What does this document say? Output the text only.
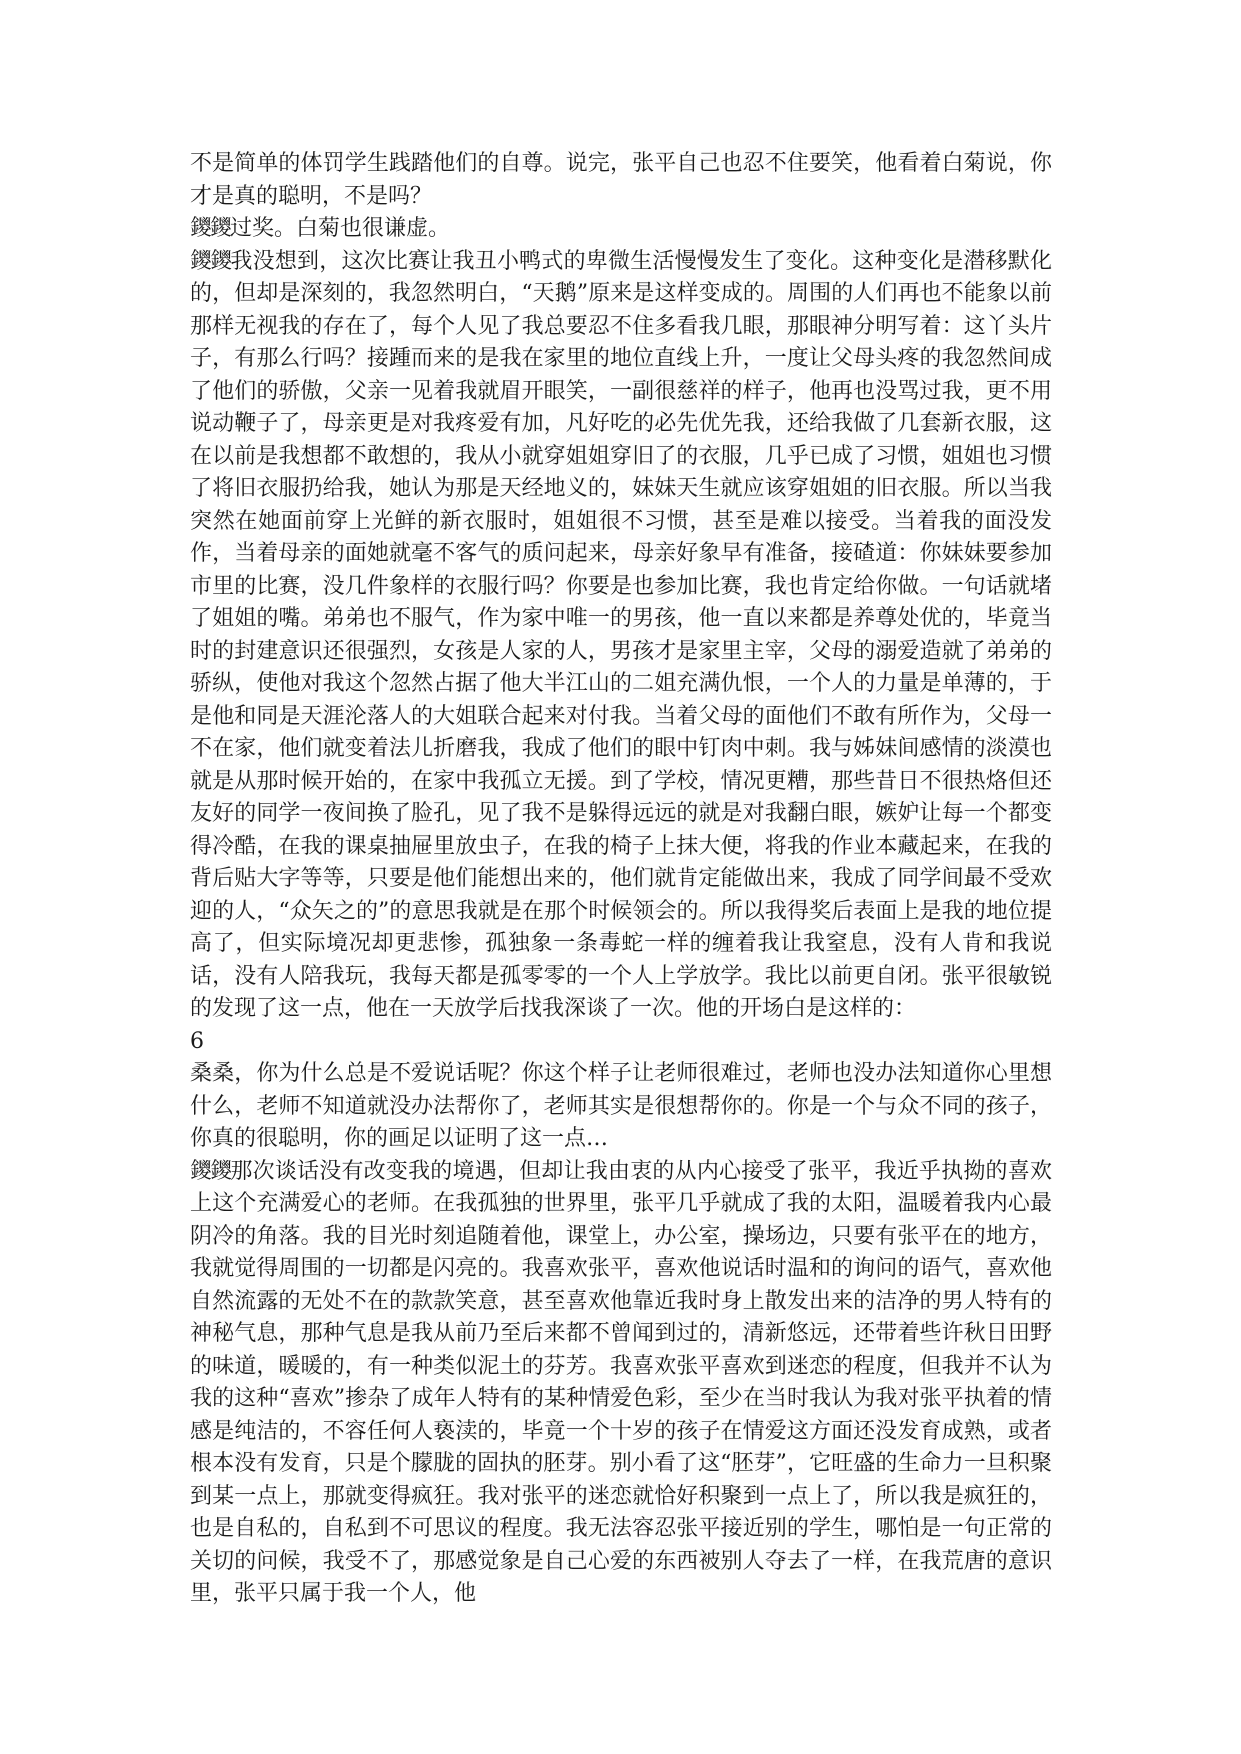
不是简单的体罚学生践踏他们的自尊。说完，张平自己也忍不住要笑，他看着白菊说，你才是真的聪明，不是吗？

鑁鑁过奖。白菊也很谦虚。

鑁鑁我没想到，这次比赛让我丑小鸭式的卑微生活慢慢发生了变化。这种变化是潜移默化的，但却是深刻的，我忽然明白，“天鹅”原来是这样变成的。周围的人们再也不能象以前那样无视我的存在了，每个人见了我总要忍不住多看我几眼，那眼神分明写着：这丫头片子，有那么行吗？接踵而来的是我在家里的地位直线上升，一度让父母头疼的我忽然间成了他们的骄傲，父亲一见着我就眉开眼笑，一副很慈祥的样子，他再也没骂过我，更不用说动鞭子了，母亲更是对我疼爱有加，凡好吃的必先优先我，还给我做了几套新衣服，这在以前是我想都不敢想的，我从小就穿姐姐穿旧了的衣服，几乎已成了习惯，姐姐也习惯了将旧衣服扔给我，她认为那是天经地义的，妹妹天生就应该穿姐姐的旧衣服。所以当我突然在她面前穿上光鲜的新衣服时，姐姐很不习惯，甚至是难以接受。当着我的面没发作，当着母亲的面她就毫不客气的质问起来，母亲好象早有准备，接碴道：你妹妹要参加市里的比赛，没几件象样的衣服行吗？你要是也参加比赛，我也肯定给你做。一句话就堵了姐姐的嘴。弟弟也不服气，作为家中唯一的男孩，他一直以来都是养尊处优的，毕竟当时的封建意识还很强烈，女孩是人家的人，男孩才是家里主宰，父母的溺爱造就了弟弟的骄纵，使他对我这个忽然占据了他大半江山的二姐充满仇恨，一个人的力量是单薄的，于是他和同是天涯沦落人的大姐联合起来对付我。当着父母的面他们不敢有所作为，父母一不在家，他们就变着法儿折磨我，我成了他们的眼中钉肉中刺。我与姊妹间感情的淡漠也就是从那时候开始的，在家中我孤立无援。到了学校，情况更糟，那些昔日不很热烙但还友好的同学一夜间换了脸孔，见了我不是躲得远远的就是对我翻白眼，嫉妒让每一个都变得冷酷，在我的课桌抽屉里放虫子，在我的椅子上抹大便，将我的作业本藏起来，在我的背后贴大字等等，只要是他们能想出来的，他们就肯定能做出来，我成了同学间最不受欢迎的人，“众矢之的”的意思我就是在那个时候领会的。所以我得奖后表面上是我的地位提高了，但实际境况却更悲惨，孤独象一条毒蛇一样的缠着我让我窒息，没有人肯和我说话，没有人陪我玩，我每天都是孤零零的一个人上学放学。我比以前更自闭。张平很敏锐的发现了这一点，他在一天放学后找我深谈了一次。他的开场白是这样的：

6

桑桑，你为什么总是不爱说话呢？你这个样子让老师很难过，老师也没办法知道你心里想什么，老师不知道就没办法帮你了，老师其实是很想帮你的。你是一个与众不同的孩子，你真的很聪明，你的画足以证明了这一点…

鑁鑁那次谈话没有改变我的境遇，但却让我由衷的从内心接受了张平，我近乎执拗的喜欢上这个充满爱心的老师。在我孤独的世界里，张平几乎就成了我的太阳，温暖着我内心最阴冷的角落。我的目光时刻追随着他，课堂上，办公室，操场边，只要有张平在的地方，我就觉得周围的一切都是闪亮的。我喜欢张平，喜欢他说话时温和的询问的语气，喜欢他自然流露的无处不在的款款笑意，甚至喜欢他靠近我时身上散发出来的洁净的男人特有的神秘气息，那种气息是我从前乃至后来都不曾闻到过的，清新悠远，还带着些许秋日田野的味道，暖暖的，有一种类似泥土的芬芳。我喜欢张平喜欢到迷恋的程度，但我并不认为我的这种“喜欢”掺杂了成年人特有的某种情爱色彩，至少在当时我认为我对张平执着的情感是纯洁的，不容任何人亵渎的，毕竟一个十岁的孩子在情爱这方面还没发育成熟，或者根本没有发育，只是个朦胧的固执的胚芽。别小看了这“胚芽”，它旺盛的生命力一旦积聚到某一点上，那就变得疯狂。我对张平的迷恋就恰好积聚到一点上了，所以我是疯狂的，也是自私的，自私到不可思议的程度。我无法容忍张平接近别的学生，哪怕是一句正常的关切的问候，我受不了，那感觉象是自己心爱的东西被别人夺去了一样，在我荒唐的意识里，张平只属于我一个人，他
